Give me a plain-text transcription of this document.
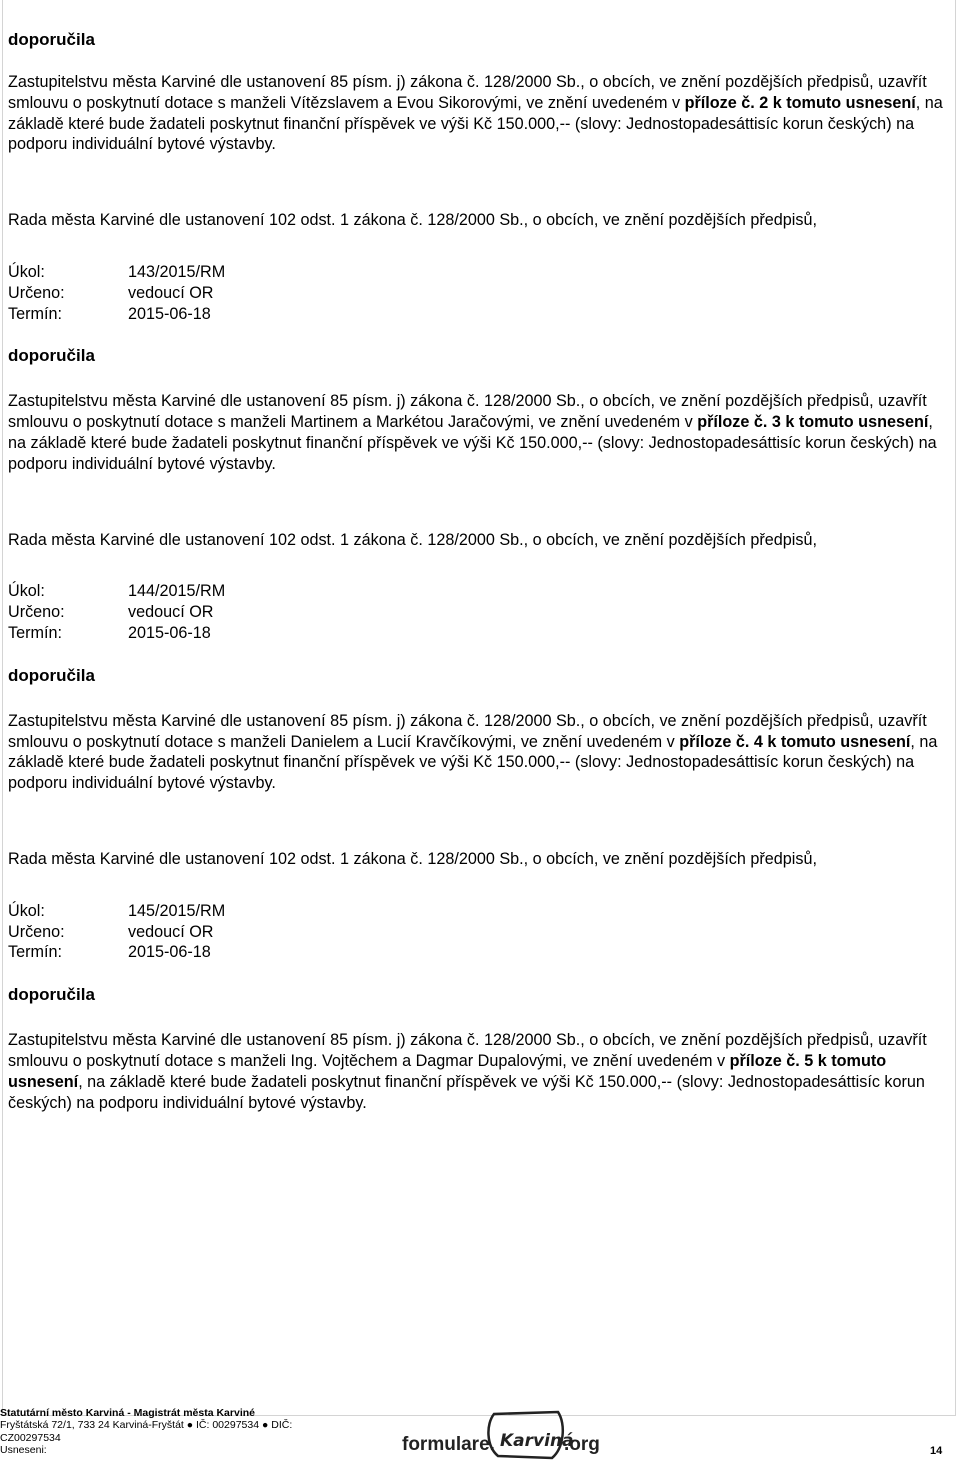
doporučila

Zastupitelstvu města Karviné dle ustanovení 85 písm. j) zákona č. 128/2000 Sb., o obcích, ve znění pozdějších předpisů, uzavřít smlouvu o poskytnutí dotace s manželi Vítězslavem a Evou Sikorovými, ve znění uvedeném v příloze č. 2 k tomuto usnesení, na základě které bude žadateli poskytnut finanční příspěvek ve výši Kč 150.000,-- (slovy: Jednostopadesáttisíc korun českých) na podporu individuální bytové výstavby.

Rada města Karviné dle ustanovení 102 odst. 1 zákona č. 128/2000 Sb., o obcích, ve znění pozdějších předpisů,

Úkol:	143/2015/RM
Určeno:	vedoucí OR
Termín:	2015-06-18
doporučila

Zastupitelstvu města Karviné dle ustanovení 85 písm. j) zákona č. 128/2000 Sb., o obcích, ve znění pozdějších předpisů, uzavřít smlouvu o poskytnutí dotace s manželi Martinem a Markétou Jaračovými, ve znění uvedeném v příloze č. 3 k tomuto usnesení, na základě které bude žadateli poskytnut finanční příspěvek ve výši Kč 150.000,-- (slovy: Jednostopadesáttisíc korun českých) na podporu individuální bytové výstavby.

Rada města Karviné dle ustanovení 102 odst. 1 zákona č. 128/2000 Sb., o obcích, ve znění pozdějších předpisů,

Úkol:	144/2015/RM
Určeno:	vedoucí OR
Termín:	2015-06-18
doporučila

Zastupitelstvu města Karviné dle ustanovení 85 písm. j) zákona č. 128/2000 Sb., o obcích, ve znění pozdějších předpisů, uzavřít smlouvu o poskytnutí dotace s manželi Danielem a Lucií Kravčíkovými, ve znění uvedeném v příloze č. 4 k tomuto usnesení, na základě které bude žadateli poskytnut finanční příspěvek ve výši Kč 150.000,-- (slovy: Jednostopadesáttisíc korun českých) na podporu individuální bytové výstavby.

Rada města Karviné dle ustanovení 102 odst. 1 zákona č. 128/2000 Sb., o obcích, ve znění pozdějších předpisů,

Úkol:	145/2015/RM
Určeno:	vedoucí OR
Termín:	2015-06-18
doporučila

Zastupitelstvu města Karviné dle ustanovení 85 písm. j) zákona č. 128/2000 Sb., o obcích, ve znění pozdějších předpisů, uzavřít smlouvu o poskytnutí dotace s manželi Ing. Vojtěchem a Dagmar Dupalovými, ve znění uvedeném v příloze č. 5 k tomuto usnesení, na základě které bude žadateli poskytnut finanční příspěvek ve výši Kč 150.000,-- (slovy: Jednostopadesáttisíc korun českých) na podporu individuální bytové výstavby.

Statutární město Karviná - Magistrát města Karviné
Fryštátská 72/1, 733 24 Karviná-Fryštát ● IČ: 00297534 ● DIČ: CZ00297534
Usneseni:	formulare. Karviná
.org	14
